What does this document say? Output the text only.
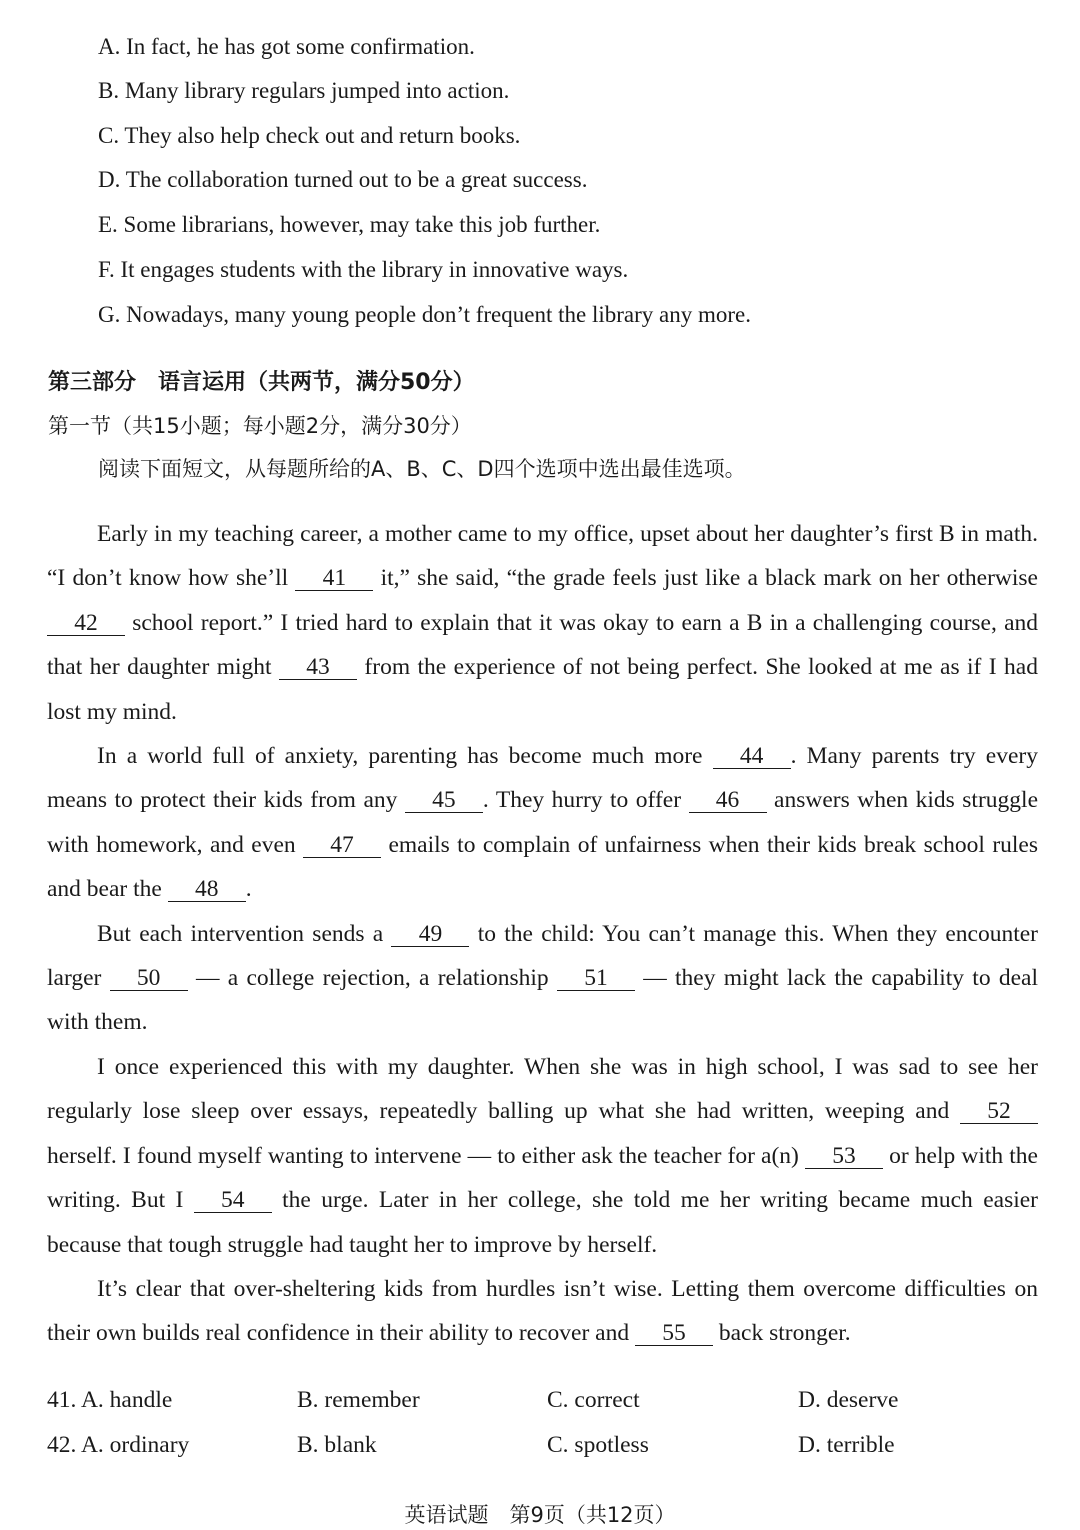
A. In fact, he has got some confirmation.
B. Many library regulars jumped into action.
C. They also help check out and return books.
D. The collaboration turned out to be a great success.
E. Some librarians, however, may take this job further.
F. It engages students with the library in innovative ways.
G. Nowadays, many young people don’t frequent the library any more.
第三部分　语言运用（共两节，满分50分）
第一节（共15小题；每小题2分，满分30分）
阅读下面短文，从每题所给的A、B、C、D四个选项中选出最佳选项。

Early in my teaching career, a mother came to my office, upset about her daughter’s first B in math. “I don’t know how she’ll 41 it,” she said, “the grade feels just like a black mark on her otherwise 42 school report.” I tried hard to explain that it was okay to earn a B in a challenging course, and that her daughter might 43 from the experience of not being perfect. She looked at me as if I had lost my mind.

In a world full of anxiety, parenting has become much more 44 . Many parents try every means to protect their kids from any 45 . They hurry to offer 46 answers when kids struggle with homework, and even 47 emails to complain of unfairness when their kids break school rules and bear the 48 .

But each intervention sends a 49 to the child: You can’t manage this. When they encounter larger 50 — a college rejection, a relationship 51 — they might lack the capability to deal with them.

I once experienced this with my daughter. When she was in high school, I was sad to see her regularly lose sleep over essays, repeatedly balling up what she had written, weeping and 52 herself. I found myself wanting to intervene — to either ask the teacher for a(n) 53 or help with the writing. But I 54 the urge. Later in her college, she told me her writing became much easier because that tough struggle had taught her to improve by herself.

It’s clear that over-sheltering kids from hurdles isn’t wise. Letting them overcome difficulties on their own builds real confidence in their ability to recover and 55 back stronger.

41. A. handle	B. remember	C. correct	D. deserve
42. A. ordinary	B. blank	C. spotless	D. terrible
英语试题　第9页（共12页）
